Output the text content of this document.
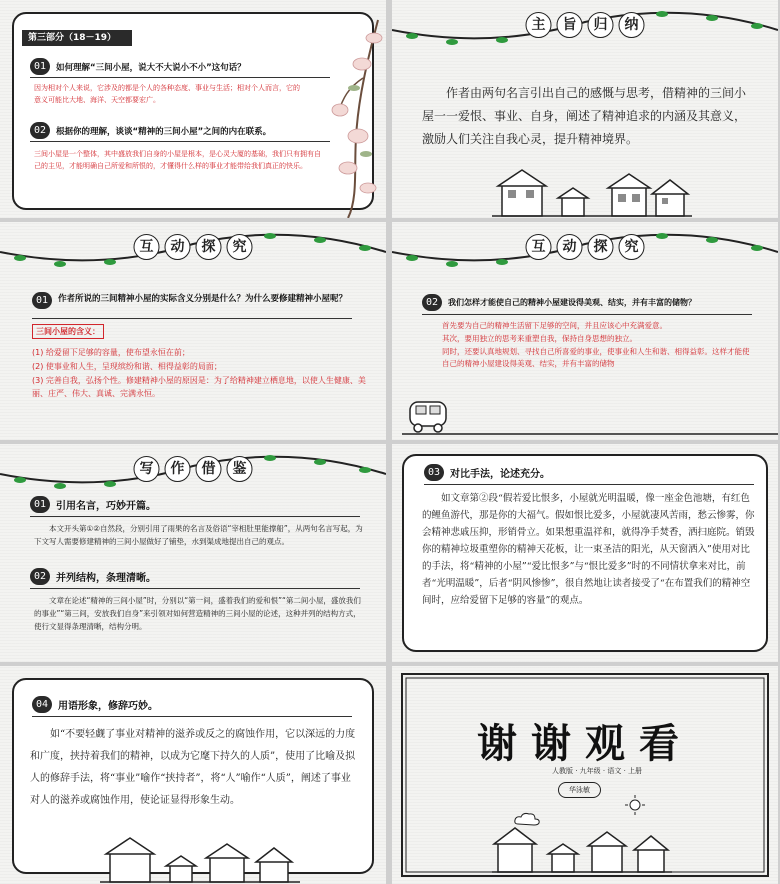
第三部分（18－19）
01	如何理解“三间小屋，说大不大说小不小”这句话？
因为相对个人来说，它涉及的都是个人的各种态度、事业与生活；相对个人而言，它的意义可能比大地、海洋、天空都要宏广。
02	根据你的理解，谈谈“精神的三间小屋”之间的内在联系。
三间小屋是一个整体，其中盛放我们自身的小屋是根本，是心灵大厦的基础，我们只有拥有自己的主见，才能明确自己所爱和所恨的，才懂得什么样的事业才能带给我们真正的快乐。
主	旨	归	纳
作者由两句名言引出自己的感慨与思考，借精神的三间小屋一一爱恨、事业、自身，阐述了精神追求的内涵及其意义，激励人们关注自我心灵，提升精神境界。
互	动	探	究
01	作者所说的三间精神小屋的实际含义分别是什么？为什么要修建精神小屋呢？
三间小屋的含义：
(1) 给爱留下足够的容量，使布望永恒在前；
(2) 使事业和人生，呈现缤纷和谐、相得益彰的局面；
(3) 完善自我，弘扬个性。修建精神小屋的原因是：为了给精神建立栖息地，以使人生健康、美丽、庄严、伟大、真诚、完满永恒。
互	动	探	究
02	我们怎样才能使自己的精神小屋建设得美观、结实，并有丰富的储物？
首先要为自己的精神生活留下足够的空间，并且应该心中充满爱意。
其次，要用独立的思考来重塑自我，保持自身思想的独立。
同时，还要认真地规划、寻找自己所喜爱的事业，使事业和人生和谐、相得益彰。这样才能使自己的精神小屋建设得美观、结实，并有丰富的储物
写	作	借	鉴
01 引用名言，巧妙开篇。
本文开头第①②自然段，分别引用了雨果的名言及俗语“宰相肚里能撑船”，从两句名言写起，为下文写人需要修建精神的三间小屋做好了铺垫，水到渠成地提出自己的观点。
02 并列结构，条理清晰。
文章在论述“精神的三间小屋”时，分别以“第一间，盛着我们的爱和恨”“第二间小屋，盛放我们的事业”“第三间，安放我们自身”来引领对如何营造精神的三间小屋的论述，这种并列的结构方式，使行文显得条理清晰，结构分明。
03 对比手法，论述充分。
如文章第②段“假若爱比恨多，小屋就光明温暖，像一座金色池塘，有红色的鲤鱼游代，那是你的大福气。假如恨比爱多，小屋就凄风苦雨，愁云惨雾，你会精神悲戚压抑，形销骨立。如果想重温祥和，就得净手焚香，洒扫庭院。销毁你的精神垃圾重塑你的精神天花板，让一束圣洁的阳光，从天窗洒入”使用对比的手法，将“精神的小屋”“爱比恨多”与“恨比爱多”时的不同情状拿来对比，前者“光明温暖”，后者“阴风惨惨”，很自然地让读者接受了“在布置我们的精神空间时，应给爱留下足够的容量”的观点。
04 用语形象，修辞巧妙。
如“不要轻觑了事业对精神的滋养或反之的腐蚀作用，它以深远的力度和广度，挟持着我们的精神，以成为它麾下持久的人质”，使用了比喻及拟人的修辞手法，将“事业”喻作“挟持者”，将“人”喻作“人质”，阐述了事业对人的滋养或腐蚀作用，使论证显得形象生动。
谢谢观看
人教版 · 九年级 · 语文 · 上册
华泳敏
